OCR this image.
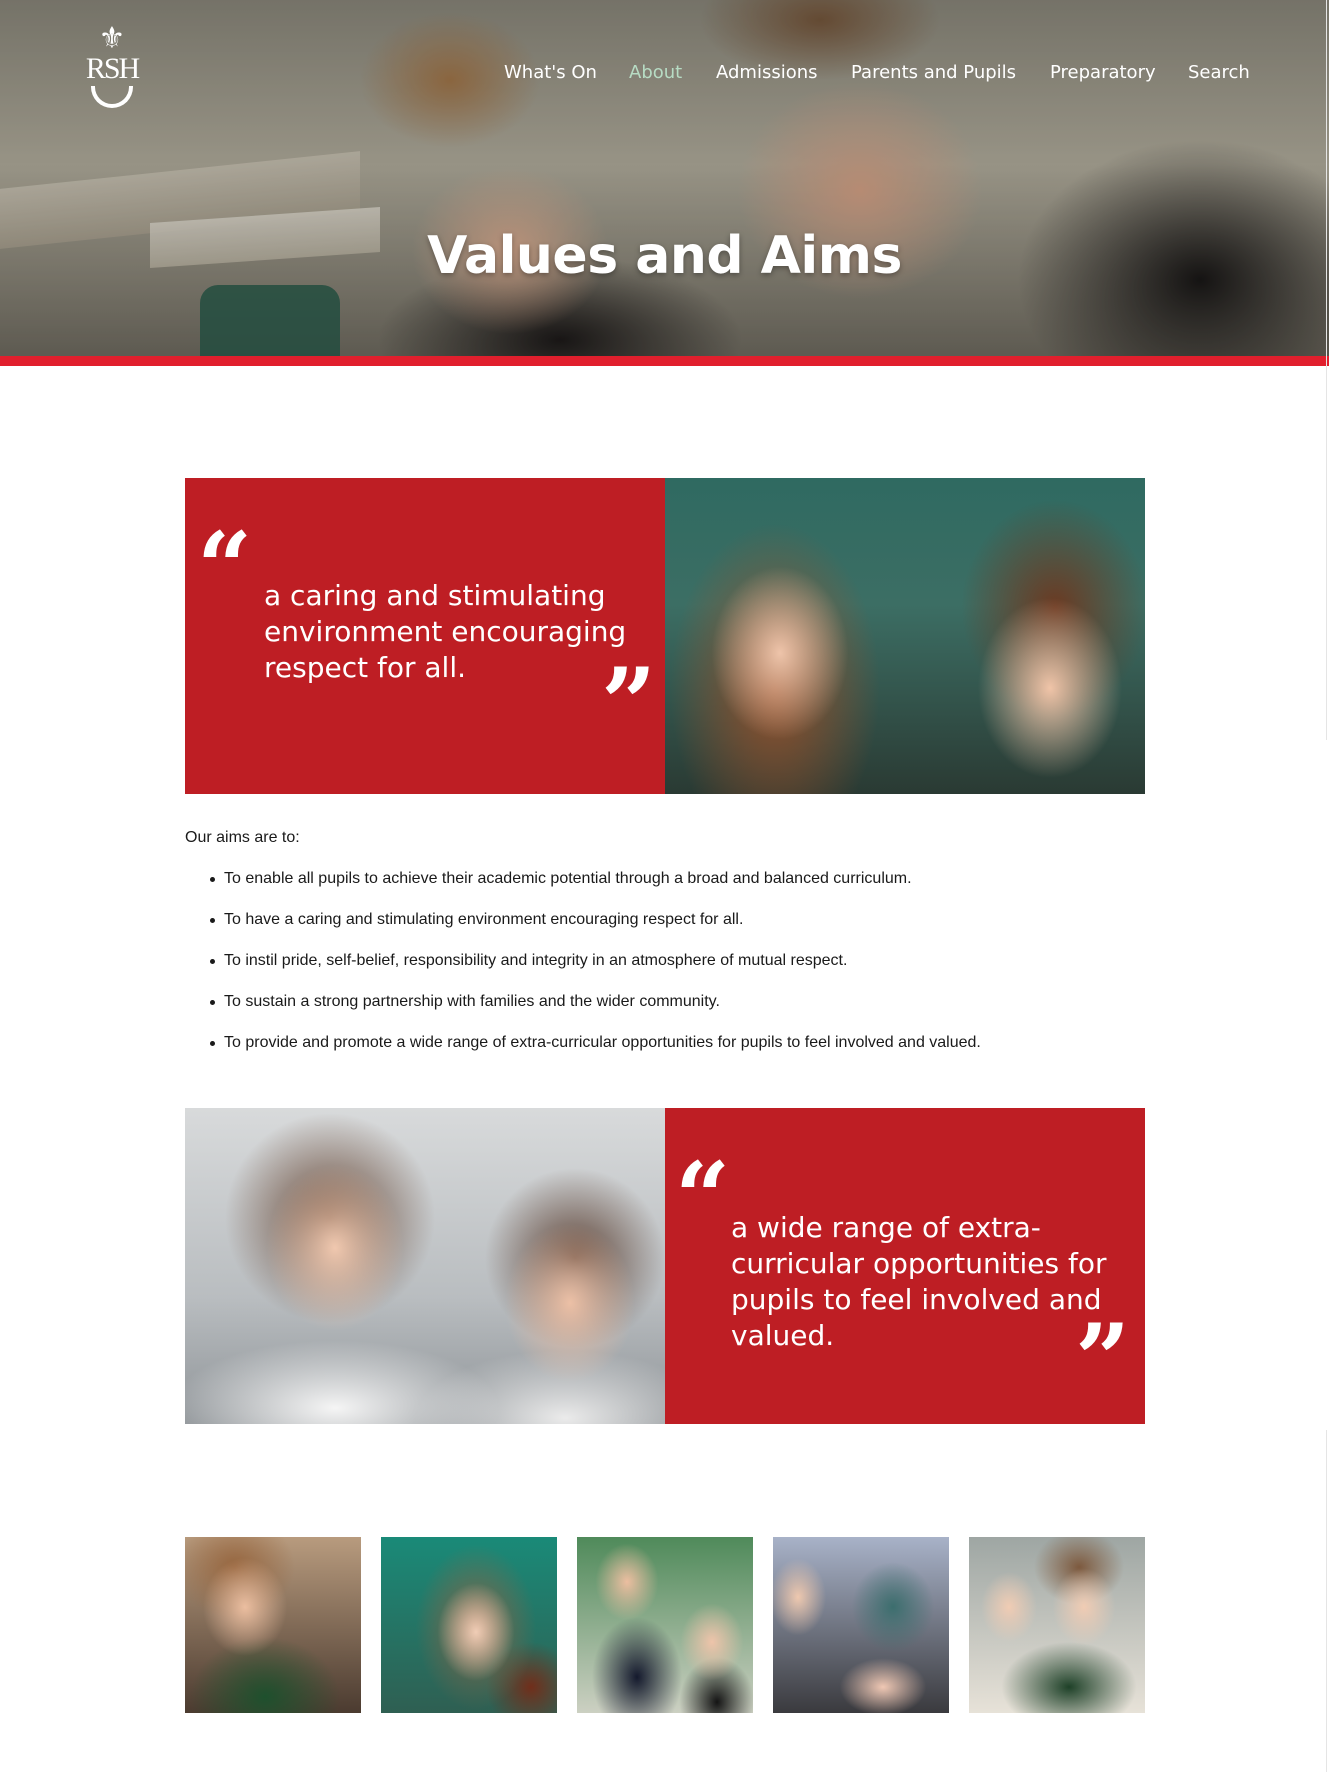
⚜
RSH	What's On About Admissions Parents and Pupils Preparatory Search
Values and Aims
“ a caring and stimulating
environment encouraging
respect for all.	”

Our aims are to:

To enable all pupils to achieve their academic potential through a broad and balanced curriculum.
To have a caring and stimulating environment encouraging respect for all.
To instil pride, self-belief, responsibility and integrity in an atmosphere of mutual respect.
To sustain a strong partnership with families and the wider community.
To provide and promote a wide range of extra-curricular opportunities for pupils to feel involved and valued.
“ a wide range of extra-
curricular opportunities for
pupils to feel involved and
valued.	”
